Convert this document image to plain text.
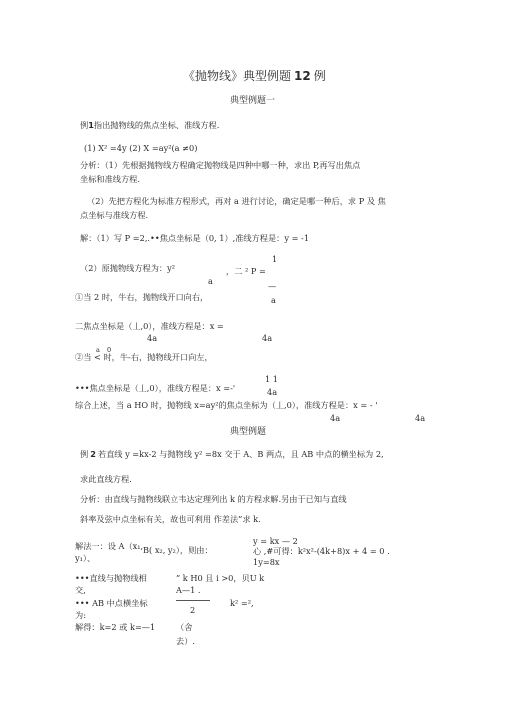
《抛物线》典型例题 12 例
典型例题一
例1指出抛物线的焦点坐标、准线方程.
(1) X² =4y (2) X =ay²(a ≠0)
分析：（1）先根据抛物线方程确定抛物线是四种中哪一种，求出 P,再写出焦点
坐标和准线方程.
（2）先把方程化为标准方程形式，再对 a 进行讨论，确定是哪一种后，求 P 及 焦
点坐标与准线方程.
解：（1）写 P =2,.••焦点坐标是（0, 1）,准线方程是：y = -1
1
（2）原抛物线方程为：y²	，二 ² P =
a	—
①当 2 时，牛右，抛物线开口向右，	a
二焦点坐标是（丄,0），准线方程是：x =
4a	4a
a 0
②当 < 时，牛-右，抛物线开口向左，
1 1
•••焦点坐标是（丄,0），准线方程是：x =-'	4a
综合上述，当 a HO 时，抛物线 x=ay²的焦点坐标为（丄,0），准线方程是：x = - '
4a	4a
典型例题
例 2 若直线 y =kx-2 与抛物线 y² =8x 交于 A、B 两点，且 AB 中点的横坐标为 2,
求此直线方程.
分析：由直线与抛物线联立韦达定理列出 k 的方程求解.另由于已知与直线
斜率及弦中点坐标有关，故也可利用 作差法”求 k.
解法一：设 A（x₁,
y₁）、
B( x₂, y₂），则由：
y = kx — 2
心 ,#可得：k²x²-(4k+8)x + 4 = 0 .
1y=8x
•••直线与抛物线相
交,
” k H0 且 i >0，贝U k
A—1 .
••• AB 中点横坐标
为:
k² =²,
2
解得：k=2 或 k=—1	（舍
去）.
